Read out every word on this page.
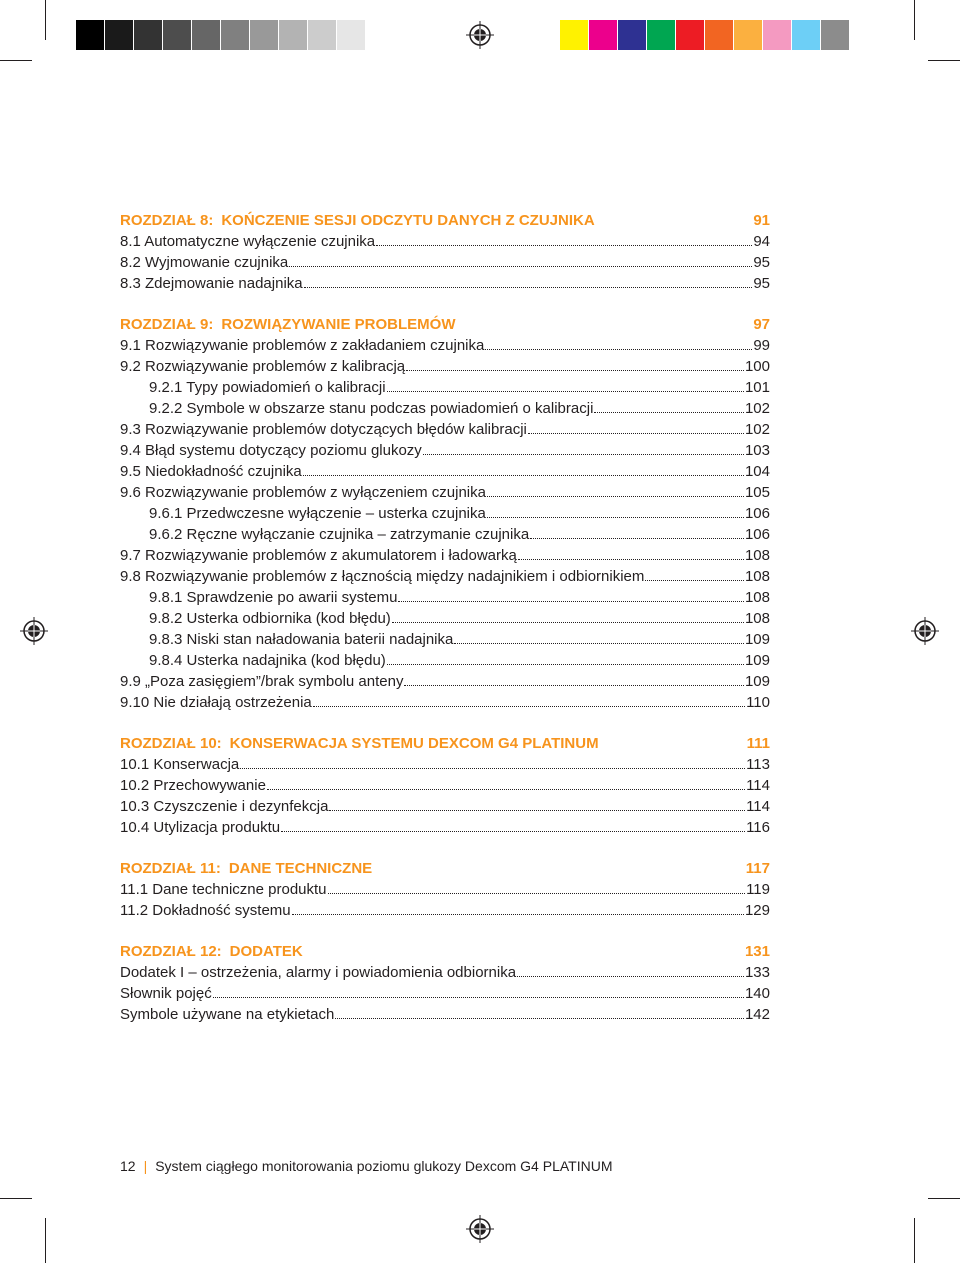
ROZDZIAŁ 8: KOŃCZENIE SESJI ODCZYTU DANYCH Z CZUJNIKA	91
8.1 Automatyczne wyłączenie czujnika	94
8.2 Wyjmowanie czujnika	95
8.3 Zdejmowanie nadajnika	95
ROZDZIAŁ 9: ROZWIĄZYWANIE PROBLEMÓW	97
9.1 Rozwiązywanie problemów z zakładaniem czujnika	99
9.2 Rozwiązywanie problemów z kalibracją	100
9.2.1 Typy powiadomień o kalibracji	101
9.2.2 Symbole w obszarze stanu podczas powiadomień o kalibracji	102
9.3 Rozwiązywanie problemów dotyczących błędów kalibracji	102
9.4 Błąd systemu dotyczący poziomu glukozy	103
9.5 Niedokładność czujnika	104
9.6 Rozwiązywanie problemów z wyłączeniem czujnika	105
9.6.1 Przedwczesne wyłączenie – usterka czujnika	106
9.6.2 Ręczne wyłączanie czujnika – zatrzymanie czujnika	106
9.7 Rozwiązywanie problemów z akumulatorem i ładowarką	108
9.8 Rozwiązywanie problemów z łącznością między nadajnikiem i odbiornikiem	108
9.8.1 Sprawdzenie po awarii systemu	108
9.8.2 Usterka odbiornika (kod błędu)	108
9.8.3 Niski stan naładowania baterii nadajnika	109
9.8.4 Usterka nadajnika (kod błędu)	109
9.9 „Poza zasięgiem”/brak symbolu anteny	109
9.10 Nie działają ostrzeżenia	110
ROZDZIAŁ 10: KONSERWACJA SYSTEMU DEXCOM G4 PLATINUM	111
10.1 Konserwacja	113
10.2 Przechowywanie	114
10.3 Czyszczenie i dezynfekcja	114
10.4 Utylizacja produktu	116
ROZDZIAŁ 11: DANE TECHNICZNE	117
11.1 Dane techniczne produktu	119
11.2 Dokładność systemu	129
ROZDZIAŁ 12: DODATEK	131
Dodatek I – ostrzeżenia, alarmy i powiadomienia odbiornika	133
Słownik pojęć	140
Symbole używane na etykietach	142
12 | System ciągłego monitorowania poziomu glukozy Dexcom G4 PLATINUM
